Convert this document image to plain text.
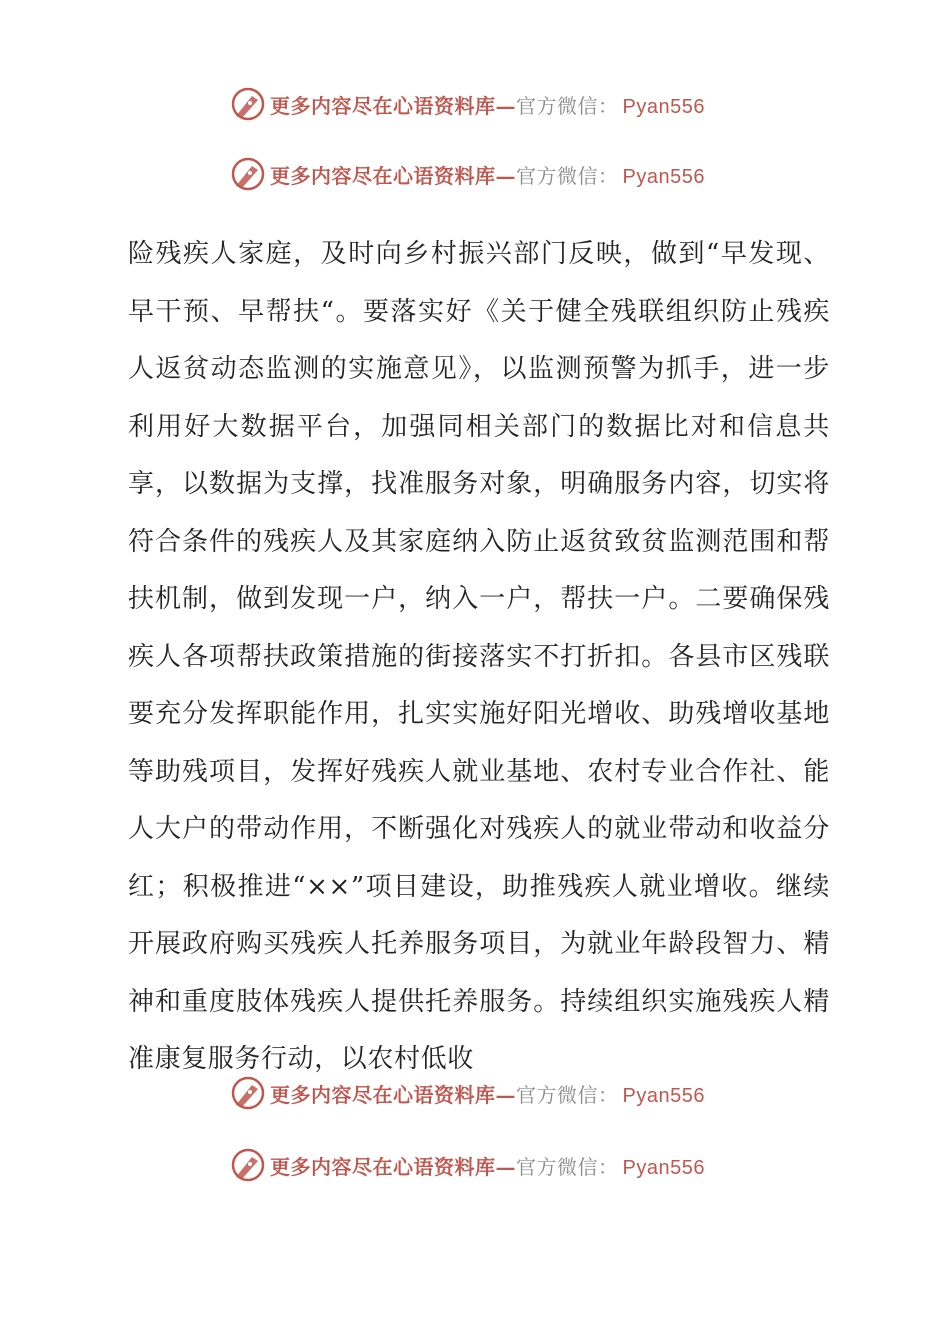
更多内容尽在心语资料库—官方微信： Pyan556
更多内容尽在心语资料库—官方微信： Pyan556
险残疾人家庭，及时向乡村振兴部门反映，做到“早发现、早干预、早帮扶“。要落实好《关于健全残联组织防止残疾人返贫动态监测的实施意见》，以监测预警为抓手，进一步利用好大数据平台，加强同相关部门的数据比对和信息共享，以数据为支撑，找准服务对象，明确服务内容，切实将符合条件的残疾人及其家庭纳入防止返贫致贫监测范围和帮扶机制，做到发现一户，纳入一户，帮扶一户。二要确保残疾人各项帮扶政策措施的街接落实不打折扣。各县市区残联要充分发挥职能作用，扎实实施好阳光增收、助残增收基地等助残项目，发挥好残疾人就业基地、农村专业合作社、能人大户的带动作用，不断强化对残疾人的就业带动和收益分红；积极推进“××”项目建设，助推残疾人就业增收。继续开展政府购买残疾人托养服务项目，为就业年龄段智力、精神和重度肢体残疾人提供托养服务。持续组织实施残疾人精准康复服务行动，以农村低收
更多内容尽在心语资料库—官方微信： Pyan556
更多内容尽在心语资料库—官方微信： Pyan556
